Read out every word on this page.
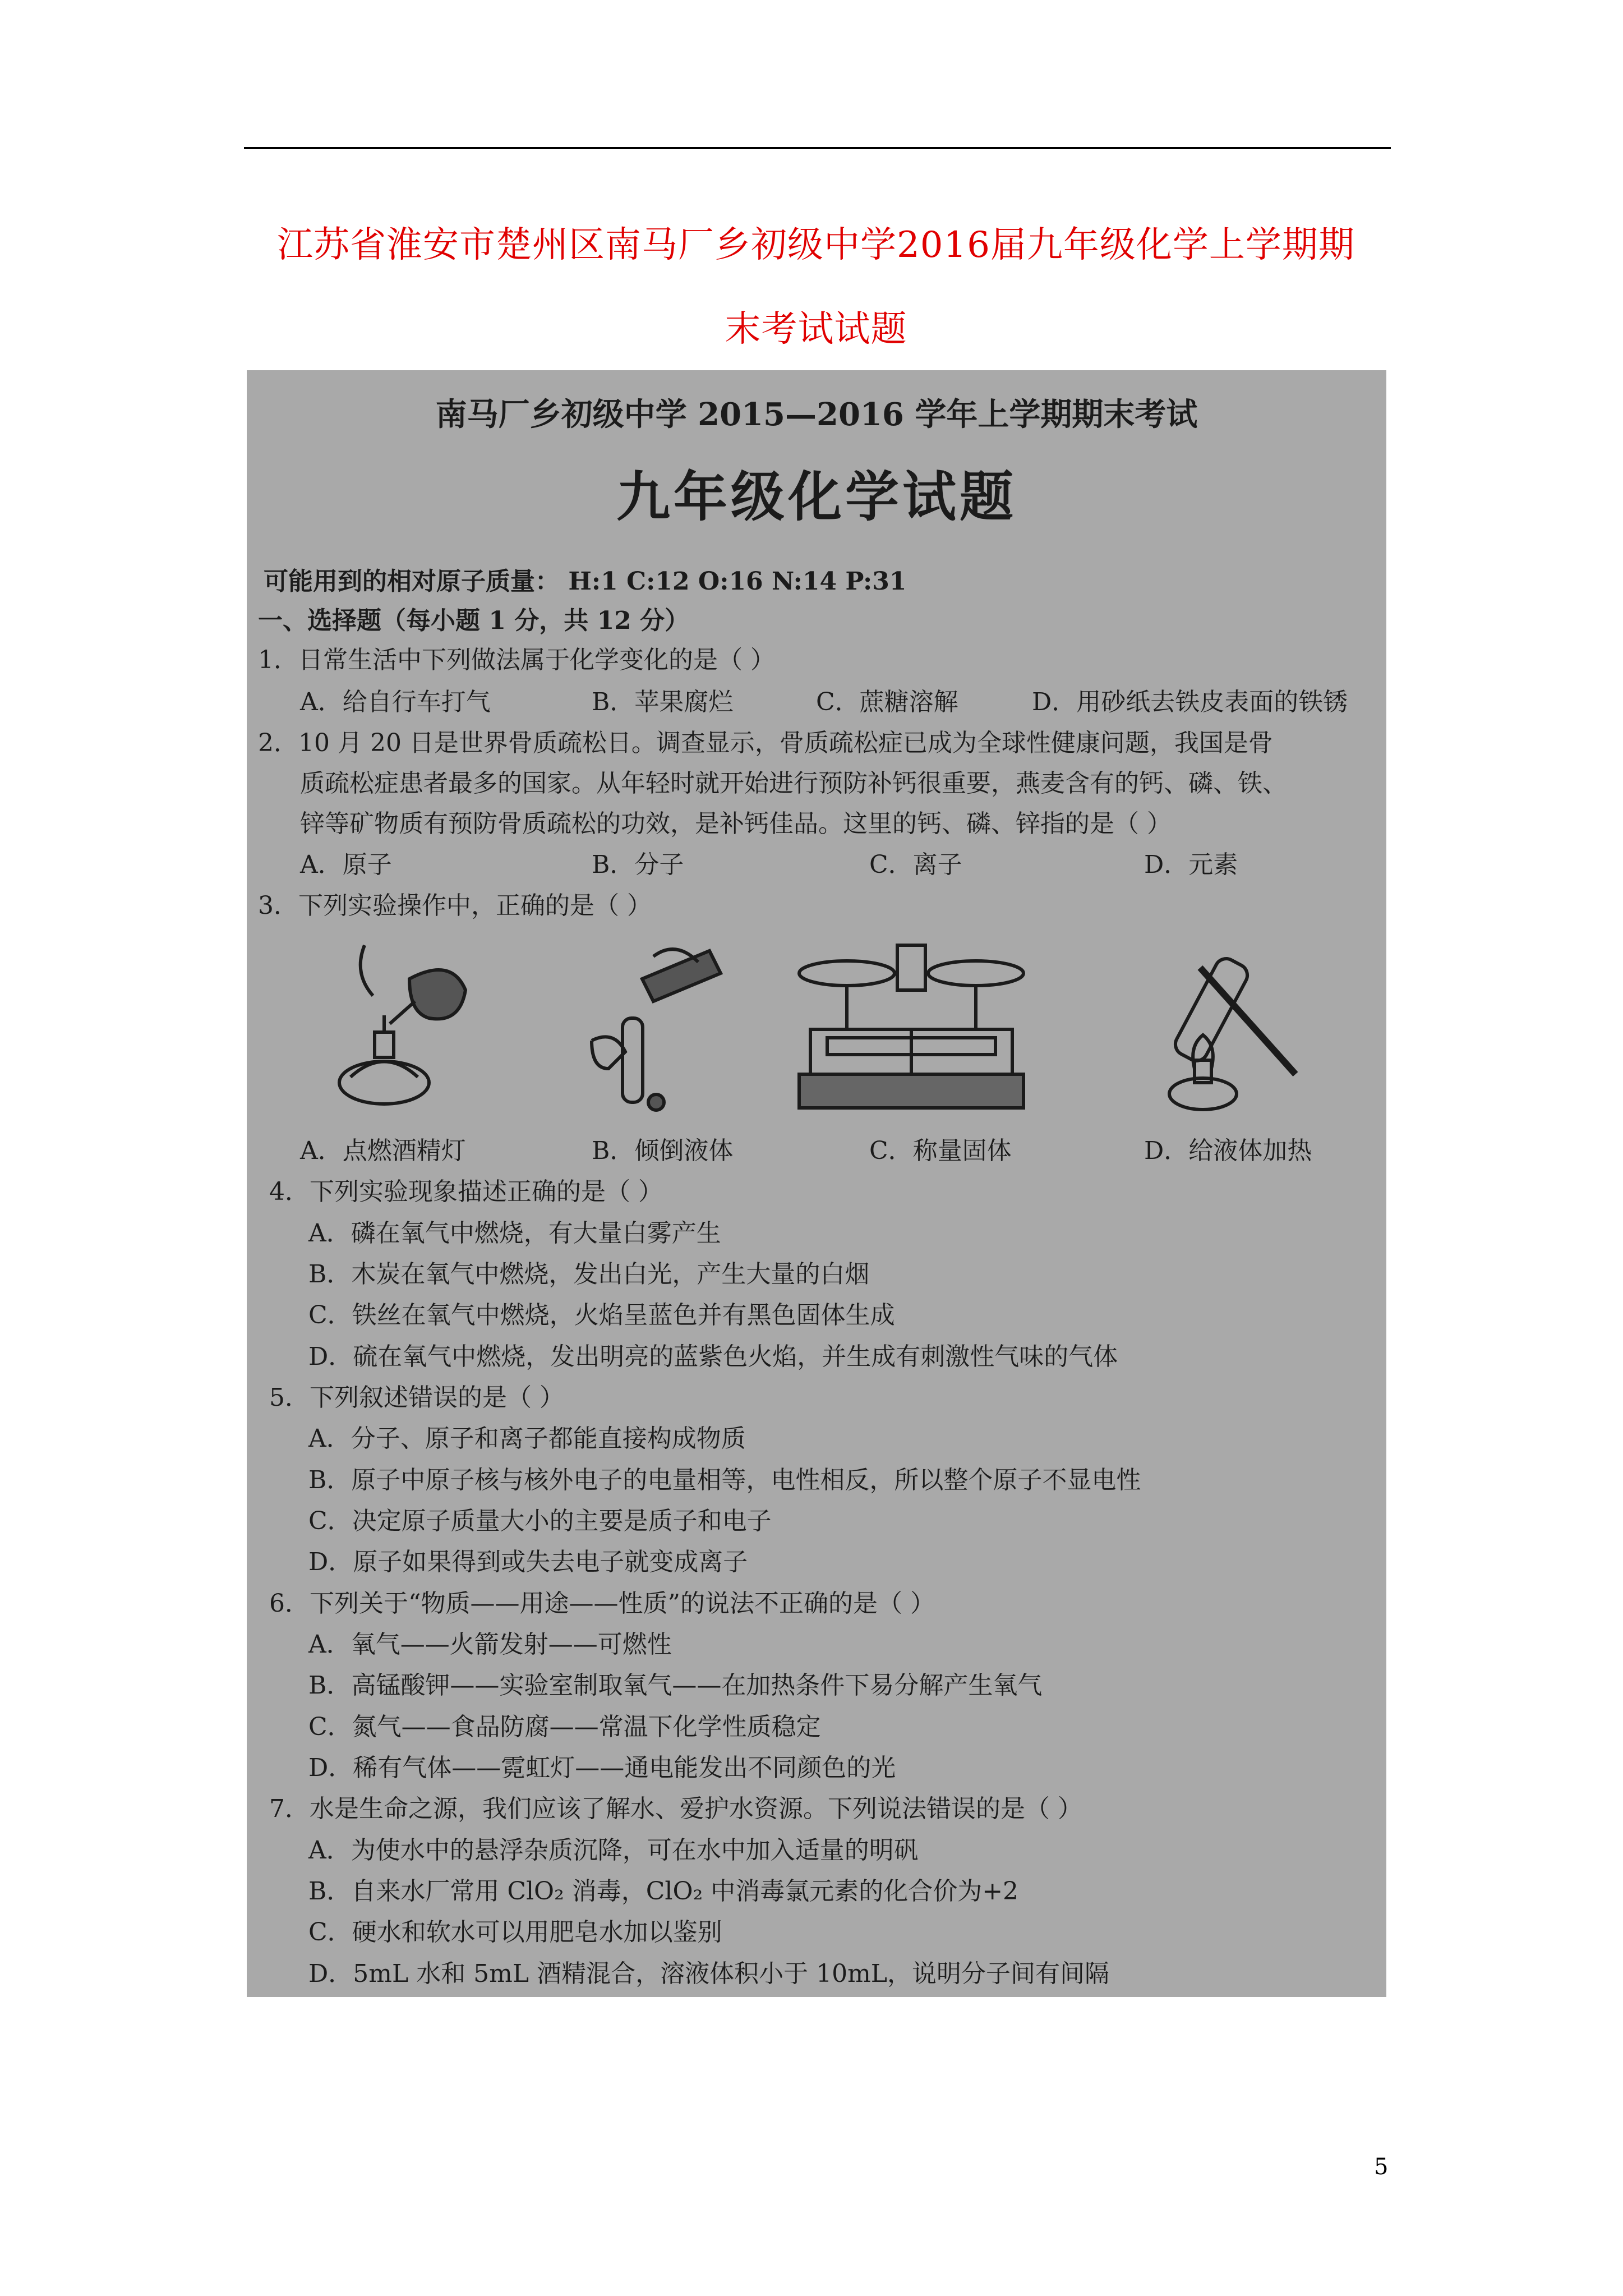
江苏省淮安市楚州区南马厂乡初级中学2016届九年级化学上学期期
末考试试题
南马厂乡初级中学 2015—2016 学年上学期期末考试
九年级化学试题
可能用到的相对原子质量： H:1 C:12 O:16 N:14 P:31
一、选择题（每小题 1 分，共 12 分）
1．日常生活中下列做法属于化学变化的是（ ）
A．给自行车打气	B．苹果腐烂	C．蔗糖溶解	D．用砂纸去铁皮表面的铁锈
2．10 月 20 日是世界骨质疏松日。调查显示，骨质疏松症已成为全球性健康问题，我国是骨
质疏松症患者最多的国家。从年轻时就开始进行预防补钙很重要，燕麦含有的钙、磷、铁、
锌等矿物质有预防骨质疏松的功效，是补钙佳品。这里的钙、磷、锌指的是（ ）
A．原子	B．分子	C．离子	D．元素
3．下列实验操作中，正确的是（ ）
A．点燃酒精灯	B．倾倒液体	C．称量固体	D．给液体加热
4．下列实验现象描述正确的是（ ）
A．磷在氧气中燃烧，有大量白雾产生
B．木炭在氧气中燃烧，发出白光，产生大量的白烟
C．铁丝在氧气中燃烧，火焰呈蓝色并有黑色固体生成
D．硫在氧气中燃烧，发出明亮的蓝紫色火焰，并生成有刺激性气味的气体
5．下列叙述错误的是（ ）
A．分子、原子和离子都能直接构成物质
B．原子中原子核与核外电子的电量相等，电性相反，所以整个原子不显电性
C．决定原子质量大小的主要是质子和电子
D．原子如果得到或失去电子就变成离子
6．下列关于“物质——用途——性质”的说法不正确的是（ ）
A．氧气——火箭发射——可燃性
B．高锰酸钾——实验室制取氧气——在加热条件下易分解产生氧气
C．氮气——食品防腐——常温下化学性质稳定
D．稀有气体——霓虹灯——通电能发出不同颜色的光
7．水是生命之源，我们应该了解水、爱护水资源。下列说法错误的是（ ）
A．为使水中的悬浮杂质沉降，可在水中加入适量的明矾
B．自来水厂常用 ClO₂ 消毒，ClO₂ 中消毒氯元素的化合价为+2
C．硬水和软水可以用肥皂水加以鉴别
D．5mL 水和 5mL 酒精混合，溶液体积小于 10mL，说明分子间有间隔
5
